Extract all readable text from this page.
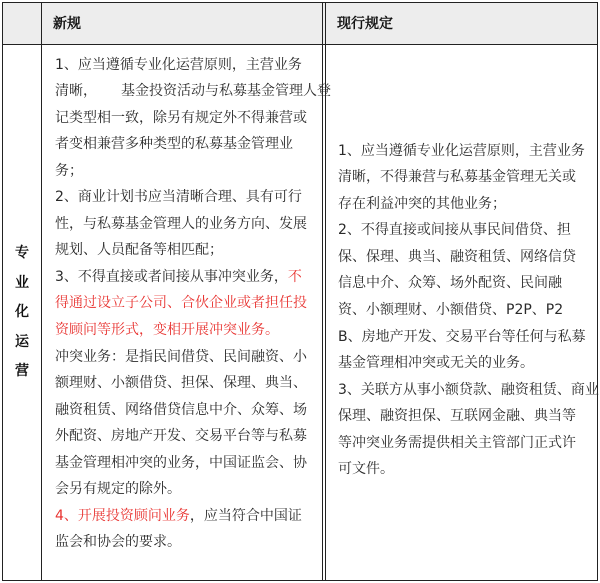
新规	现行规定
专
业
化
运
营
1、应当遵循专业化运营原则，主营业务
清晰， 基金投资活动与私募基金管理人登
记类型相一致，除另有规定外不得兼营或
者变相兼营多种类型的私募基金管理业
务；
2、商业计划书应当清晰合理、具有可行
性，与私募基金管理人的业务方向、发展
规划、人员配备等相匹配；
3、不得直接或者间接从事冲突业务，不
得通过设立子公司、合伙企业或者担任投
资顾问等形式，变相开展冲突业务。
冲突业务：是指民间借贷、民间融资、小
额理财、小额借贷、担保、保理、典当、
融资租赁、网络借贷信息中介、众筹、场
外配资、房地产开发、交易平台等与私募
基金管理相冲突的业务，中国证监会、协
会另有规定的除外。
4、开展投资顾问业务，应当符合中国证
监会和协会的要求。
1、应当遵循专业化运营原则，主营业务
清晰，不得兼营与私募基金管理无关或
存在利益冲突的其他业务；
2、不得直接或间接从事民间借贷、担
保、保理、典当、融资租赁、网络信贷
信息中介、众筹、场外配资、民间融
资、小额理财、小额借贷、P2P、P2
B、房地产开发、交易平台等任何与私募
基金管理相冲突或无关的业务。
3、关联方从事小额贷款、融资租赁、商业
保理、融资担保、互联网金融、典当等
等冲突业务需提供相关主管部门正式许
可文件。
